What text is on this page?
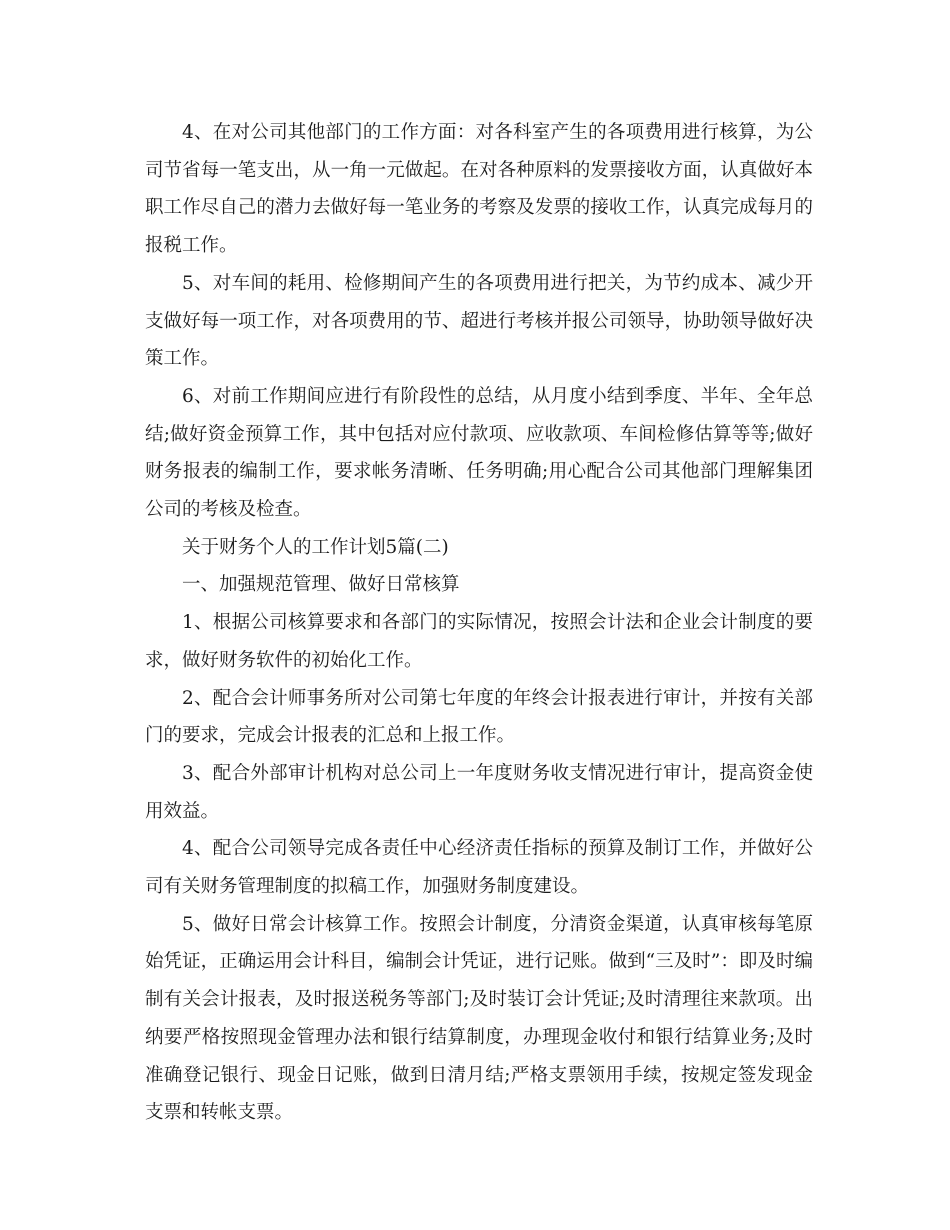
4、在对公司其他部门的工作方面：对各科室产生的各项费用进行核算，为公司节省每一笔支出，从一角一元做起。在对各种原料的发票接收方面，认真做好本职工作尽自己的潜力去做好每一笔业务的考察及发票的接收工作，认真完成每月的报税工作。

5、对车间的耗用、检修期间产生的各项费用进行把关，为节约成本、减少开支做好每一项工作，对各项费用的节、超进行考核并报公司领导，协助领导做好决策工作。

6、对前工作期间应进行有阶段性的总结，从月度小结到季度、半年、全年总结;做好资金预算工作，其中包括对应付款项、应收款项、车间检修估算等等;做好财务报表的编制工作，要求帐务清晰、任务明确;用心配合公司其他部门理解集团公司的考核及检查。

关于财务个人的工作计划5篇(二)

一、加强规范管理、做好日常核算

1、根据公司核算要求和各部门的实际情况，按照会计法和企业会计制度的要求，做好财务软件的初始化工作。

2、配合会计师事务所对公司第七年度的年终会计报表进行审计，并按有关部门的要求，完成会计报表的汇总和上报工作。

3、配合外部审计机构对总公司上一年度财务收支情况进行审计，提高资金使用效益。

4、配合公司领导完成各责任中心经济责任指标的预算及制订工作，并做好公司有关财务管理制度的拟稿工作，加强财务制度建设。

5、做好日常会计核算工作。按照会计制度，分清资金渠道，认真审核每笔原始凭证，正确运用会计科目，编制会计凭证，进行记账。做到“三及时”：即及时编制有关会计报表，及时报送税务等部门;及时装订会计凭证;及时清理往来款项。出纳要严格按照现金管理办法和银行结算制度，办理现金收付和银行结算业务;及时准确登记银行、现金日记账，做到日清月结;严格支票领用手续，按规定签发现金支票和转帐支票。
